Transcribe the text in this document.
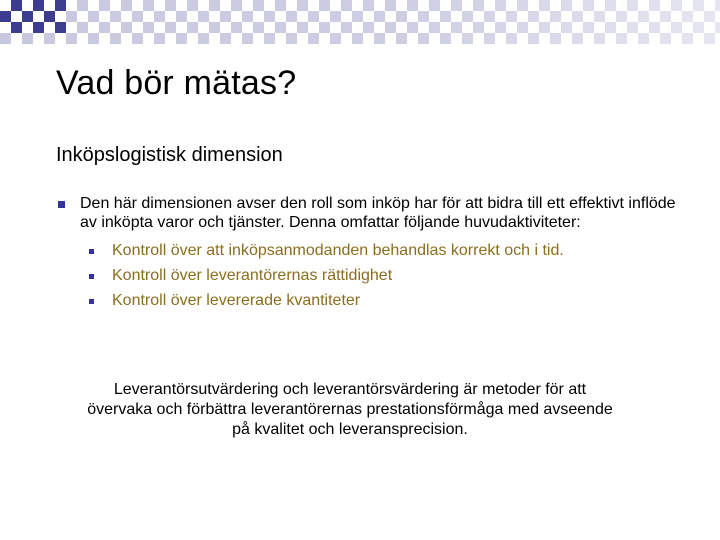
Vad bör mätas?
Inköpslogistisk dimension

Den här dimensionen avser den roll som inköp har för att bidra till ett effektivt inflöde av inköpta varor och tjänster. Denna omfattar följande huvudaktiviteter:

Kontroll över att inköpsanmodanden behandlas korrekt och i tid.
Kontroll över leverantörernas rättidighet
Kontroll över levererade kvantiteter
Leverantörsutvärdering och leverantörsvärdering är metoder för att övervaka och förbättra leverantörernas prestationsförmåga med avseende på kvalitet och leveransprecision.
